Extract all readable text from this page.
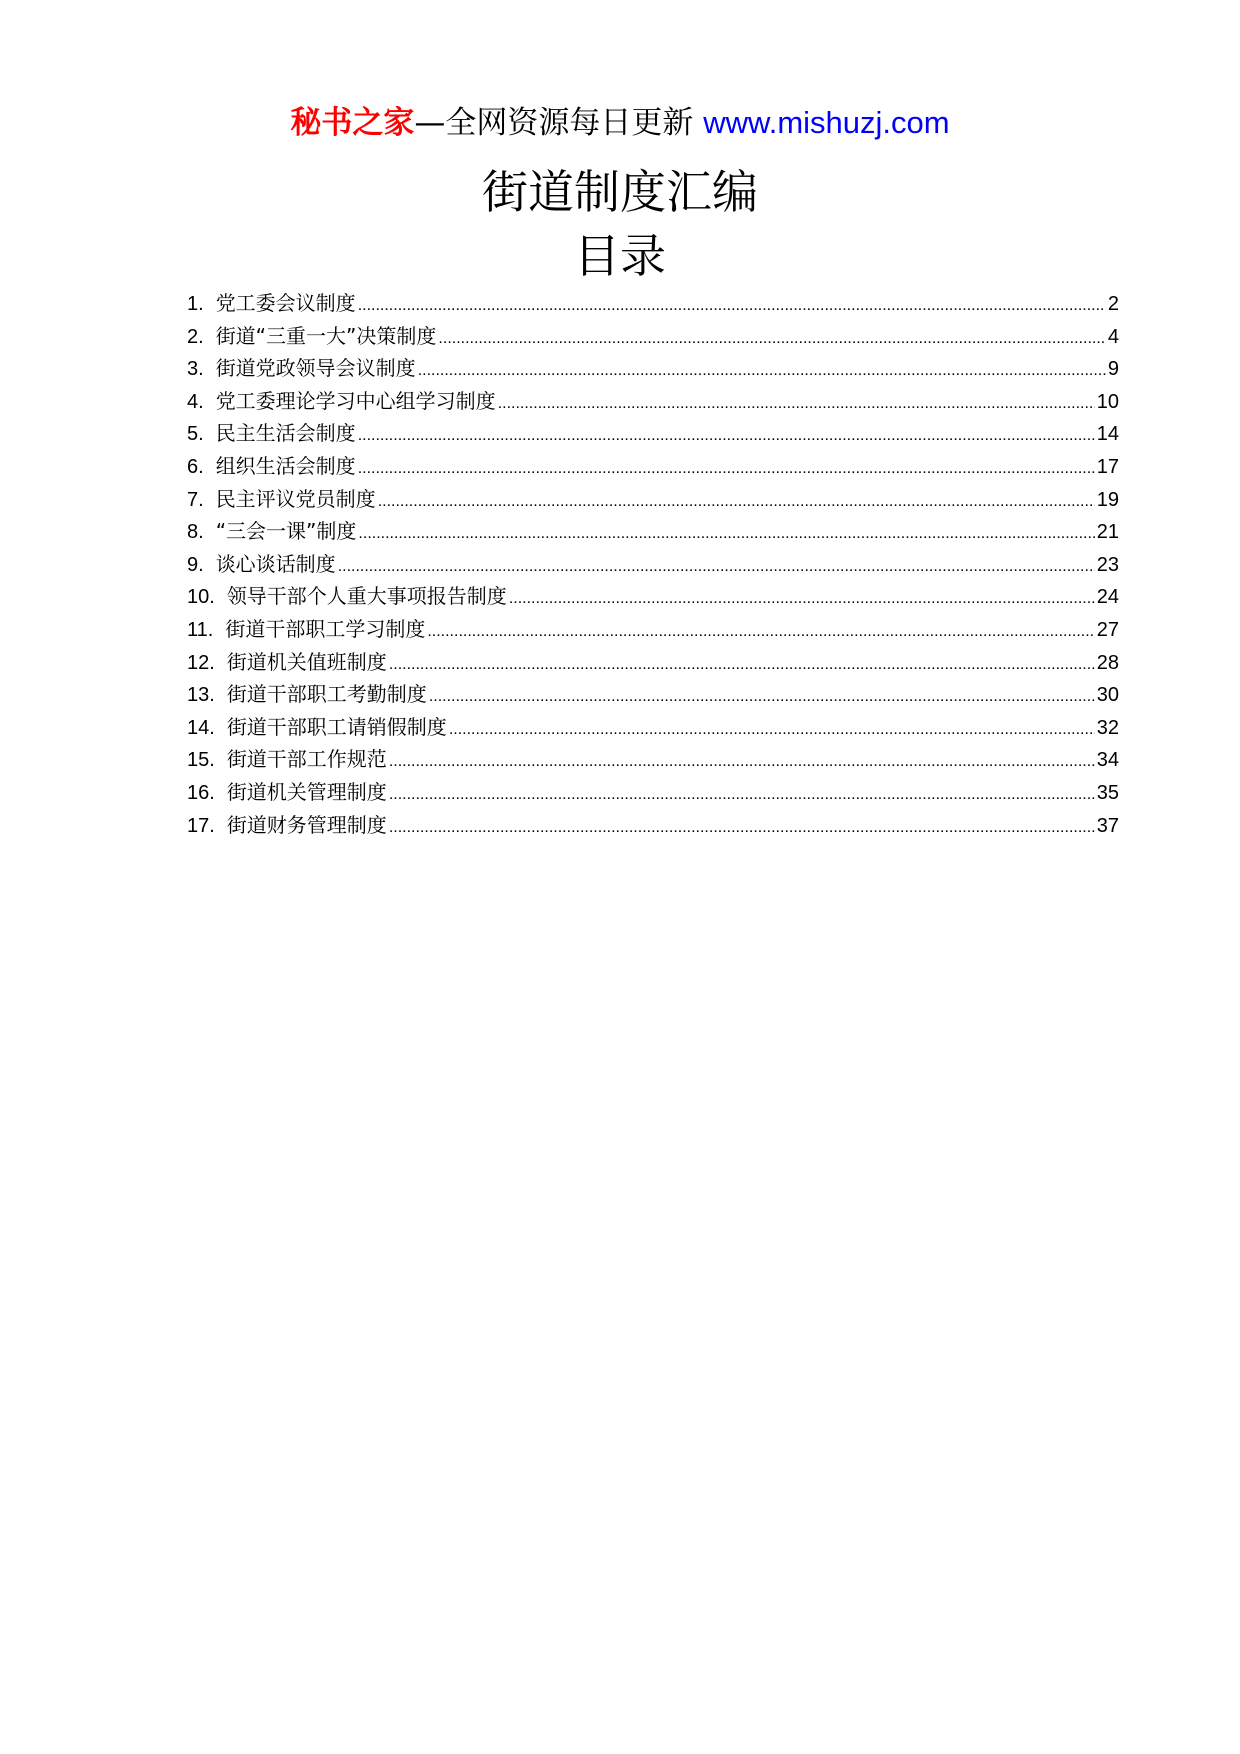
秘书之家—全网资源每日更新 www.mishuzj.com
街道制度汇编
目录
1. 党工委会议制度 .....	2
2. 街道“三重一大”决策制度 .....	4
3. 街道党政领导会议制度 .....	9
4. 党工委理论学习中心组学习制度 .....	10
5. 民主生活会制度 .....	14
6. 组织生活会制度 .....	17
7. 民主评议党员制度 .....	19
8. “三会一课”制度 .....	21
9. 谈心谈话制度 .....	23
10. 领导干部个人重大事项报告制度 .....	24
11. 街道干部职工学习制度 .....	27
12. 街道机关值班制度 .....	28
13. 街道干部职工考勤制度 .....	30
14. 街道干部职工请销假制度 .....	32
15. 街道干部工作规范 .....	34
16. 街道机关管理制度 .....	35
17. 街道财务管理制度 .....	37
